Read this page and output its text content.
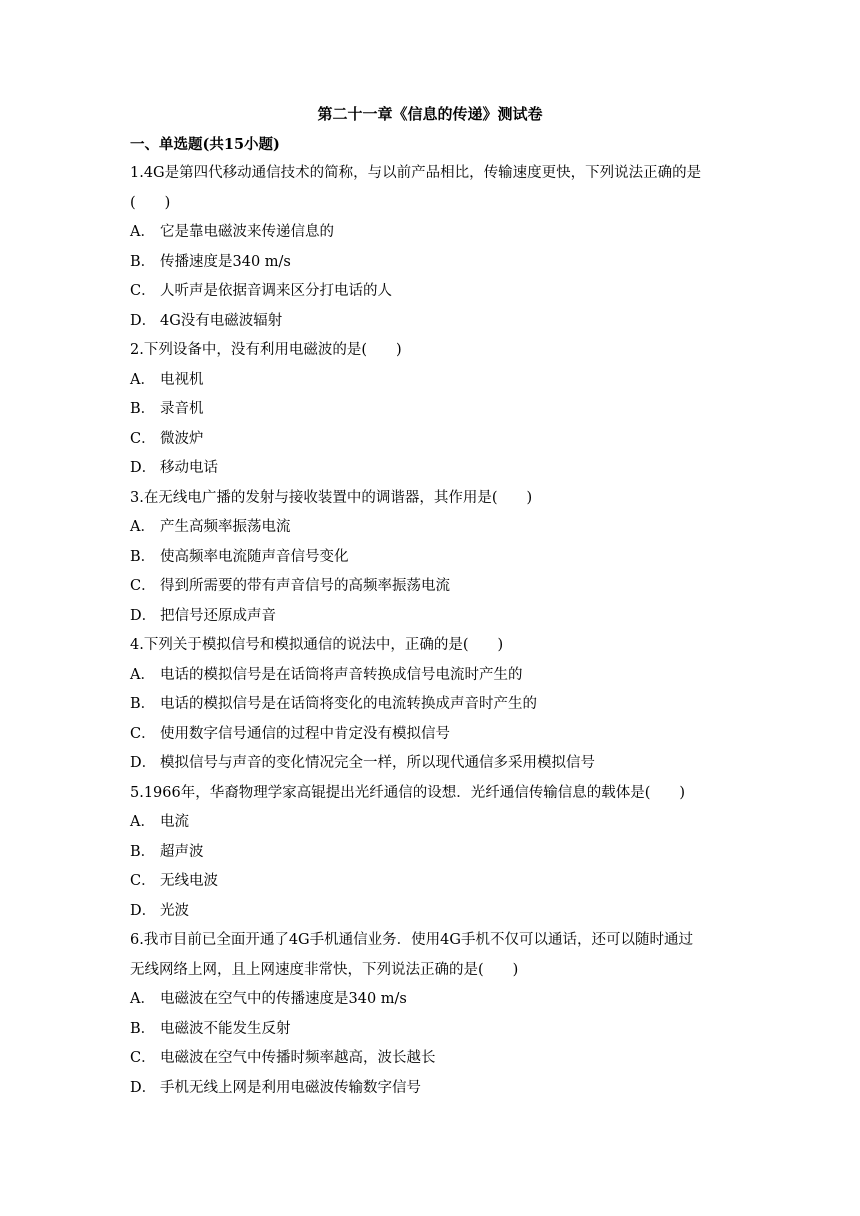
第二十一章《信息的传递》测试卷
一、单选题(共15小题)
1.4G是第四代移动通信技术的简称，与以前产品相比，传输速度更快，下列说法正确的是
(　　)
A． 它是靠电磁波来传递信息的
B． 传播速度是340 m/s
C． 人听声是依据音调来区分打电话的人
D． 4G没有电磁波辐射
2.下列设备中，没有利用电磁波的是(　　)
A． 电视机
B． 录音机
C． 微波炉
D． 移动电话
3.在无线电广播的发射与接收装置中的调谐器，其作用是(　　)
A． 产生高频率振荡电流
B． 使高频率电流随声音信号变化
C． 得到所需要的带有声音信号的高频率振荡电流
D． 把信号还原成声音
4.下列关于模拟信号和模拟通信的说法中，正确的是(　　)
A． 电话的模拟信号是在话筒将声音转换成信号电流时产生的
B． 电话的模拟信号是在话筒将变化的电流转换成声音时产生的
C． 使用数字信号通信的过程中肯定没有模拟信号
D． 模拟信号与声音的变化情况完全一样，所以现代通信多采用模拟信号
5.1966年，华裔物理学家高锟提出光纤通信的设想．光纤通信传输信息的载体是(　　)
A． 电流
B． 超声波
C． 无线电波
D． 光波
6.我市目前已全面开通了4G手机通信业务．使用4G手机不仅可以通话，还可以随时通过
无线网络上网，且上网速度非常快，下列说法正确的是(　　)
A． 电磁波在空气中的传播速度是340 m/s
B． 电磁波不能发生反射
C． 电磁波在空气中传播时频率越高，波长越长
D． 手机无线上网是利用电磁波传输数字信号
